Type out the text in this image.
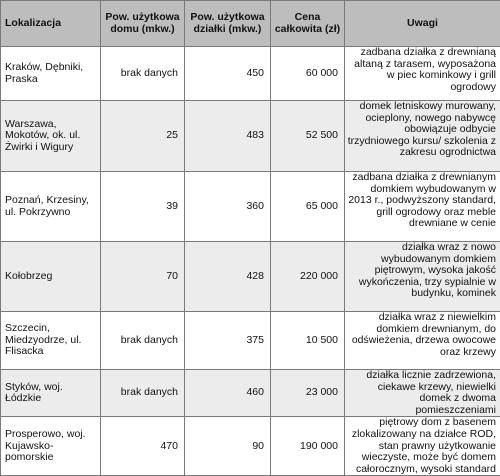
Lokalizacja	Pow. użytkowa domu (mkw.)	Pow. użytkowa działki (mkw.)	Cena całkowita (zł)	Uwagi
Kraków, Dębniki, Praska	brak danych	450	60 000	zadbana działka z drewnianą altaną z tarasem, wyposażona w piec kominkowy i grill ogrodowy
Warszawa, Mokotów, ok. ul. Żwirki i Wigury	25	483	52 500	domek letniskowy murowany, ocieplony, nowego nabywcę obowiązuje odbycie trzydniowego kursu/ szkolenia z zakresu ogrodnictwa
Poznań, Krzesiny, ul. Pokrzywno	39	360	65 000	zadbana działka z drewnianym domkiem wybudowanym w 2013 r., podwyższony standard, grill ogrodowy oraz meble drewniane w cenie
Kołobrzeg	70	428	220 000	działka wraz z nowo wybudowanym domkiem piętrowym, wysoka jakość wykończenia, trzy sypialnie w budynku, kominek
Szczecin, Miedzyodrze, ul. Flisacka	brak danych	375	10 500	działka wraz z niewielkim domkiem drewnianym, do odświeżenia, drzewa owocowe oraz krzewy
Styków, woj. Łódzkie	brak danych	460	23 000	działka licznie zadrzewiona, ciekawe krzewy, niewielki domek z dwoma pomieszczeniami
Prosperowo, woj. Kujawsko-pomorskie	470	90	190 000	piętrowy dom z basenem zlokalizowany na działce ROD, stan prawny użytkowanie wieczyste, może być domem całorocznym, wysoki standard
